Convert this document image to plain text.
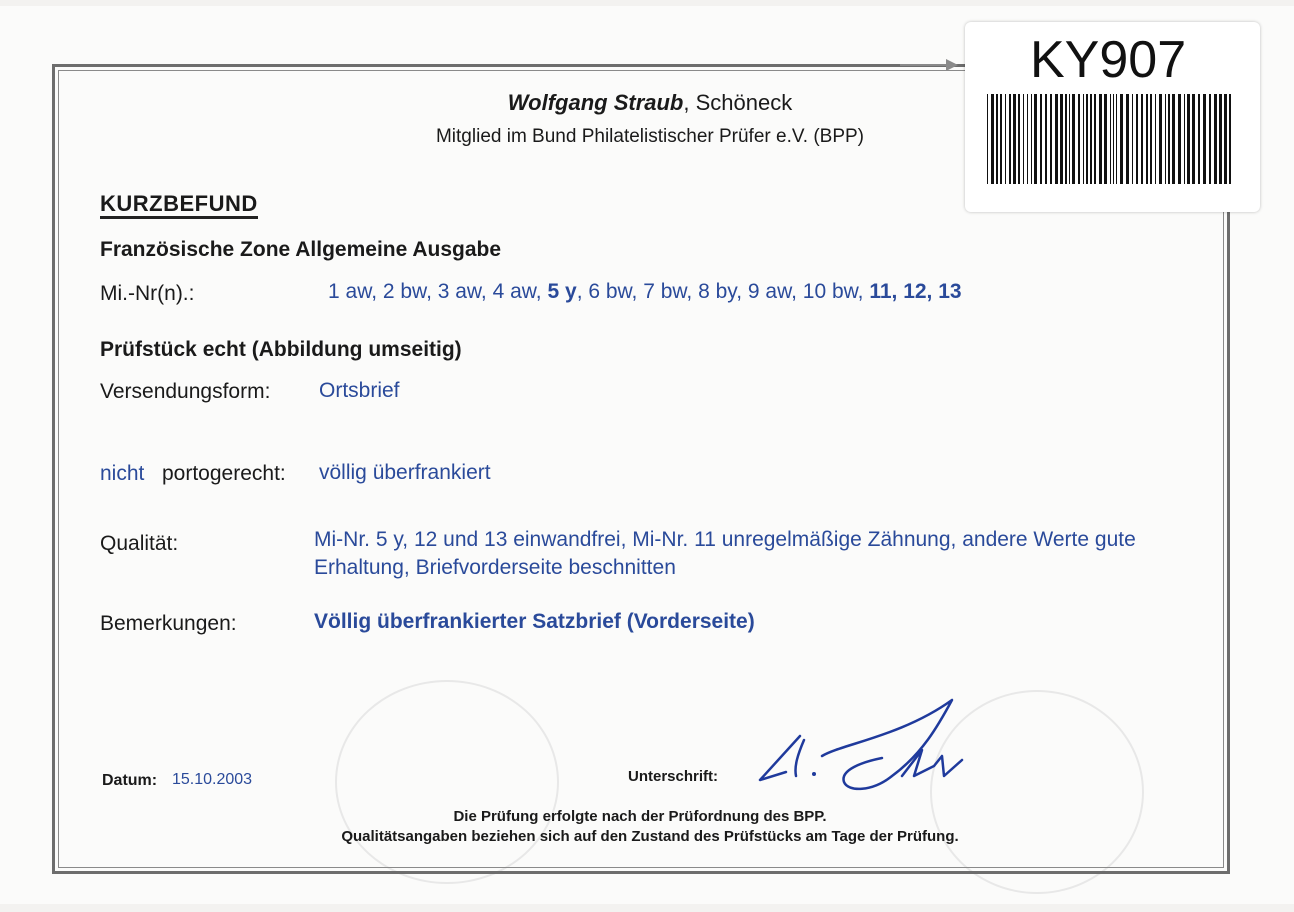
KY907
Wolfgang Straub, Schöneck
Mitglied im Bund Philatelistischer Prüfer e.V. (BPP)
KURZBEFUND
Französische Zone Allgemeine Ausgabe
Mi.-Nr(n).:	1 aw, 2 bw, 3 aw, 4 aw, 5 y, 6 bw, 7 bw, 8 by, 9 aw, 10 bw, 11, 12, 13
Prüfstück echt (Abbildung umseitig)
Versendungsform: Ortsbrief
nicht portogerecht: völlig überfrankiert
Qualität:	Mi-Nr. 5 y, 12 und 13 einwandfrei, Mi-Nr. 11 unregelmäßige Zähnung, andere Werte gute Erhaltung, Briefvorderseite beschnitten
Bemerkungen:	Völlig überfrankierter Satzbrief (Vorderseite)
Datum: 15.10.2003	Unterschrift:
Die Prüfung erfolgte nach der Prüfordnung des BPP.
Qualitätsangaben beziehen sich auf den Zustand des Prüfstücks am Tage der Prüfung.
